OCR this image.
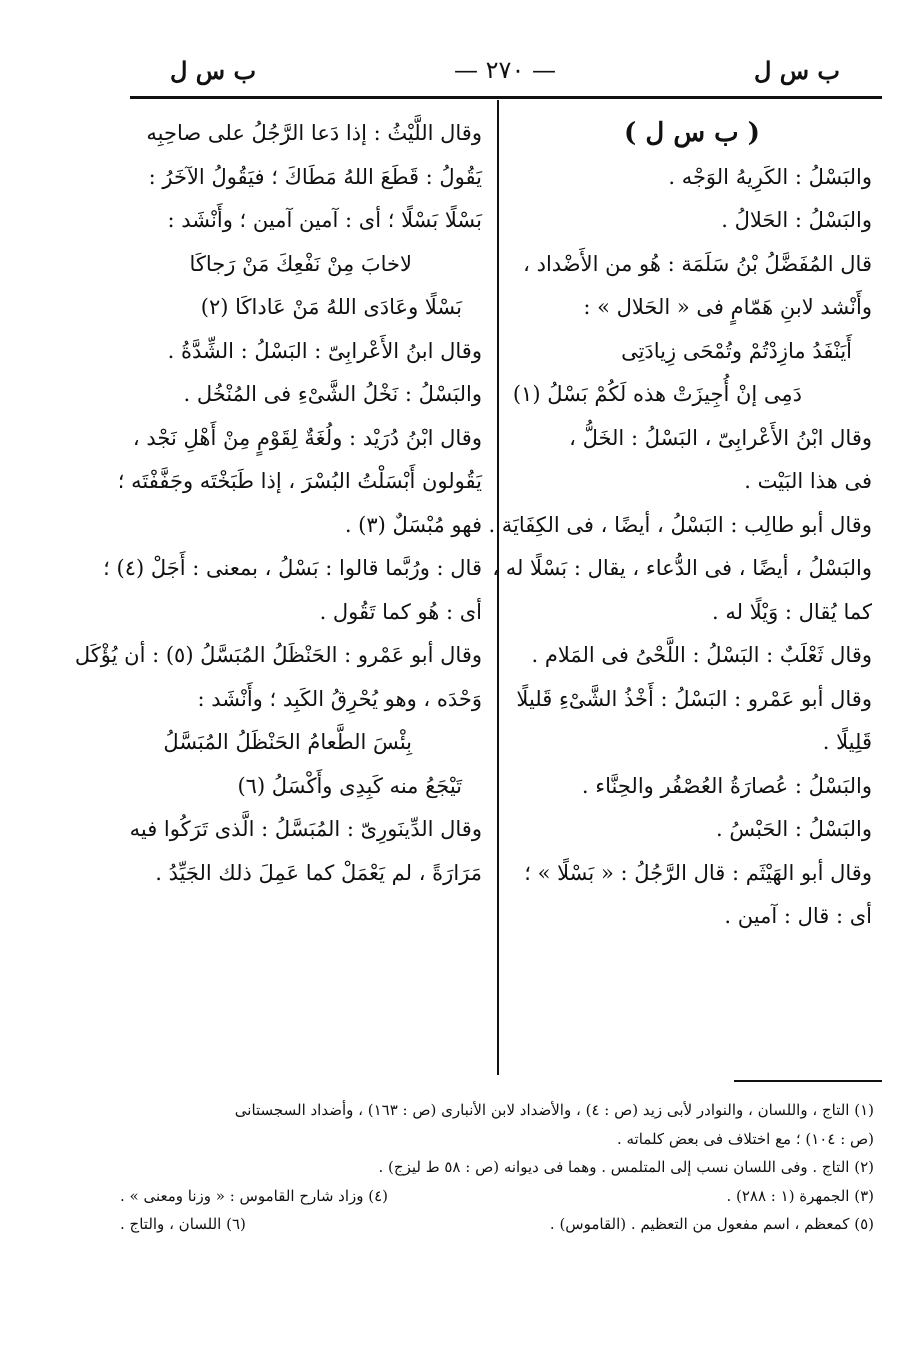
ب س ل
— ٢٧٠ —
ب س ل
( ب س ل )
والبَسْلُ : الكَرِيهُ الوَجْه .
والبَسْلُ : الحَلالُ .
قال المُفَضَّلُ بْنُ سَلَمَة : هُو من الأَضْداد ،
وأَنْشد لابنِ هَمّامٍ فى « الحَلال » :
أَيَنْفَدُ مازِدْتُمْ وتُمْحَى زِيادَتِى
دَمِى إنْ أُجِيزَتْ هذه لَكُمْ بَسْلُ (١)
وقال ابْنُ الأَعْرابِىّ ، البَسْلُ : الخَلُّ ،
فى هذا البَيْت .
وقال أبو طالِب : البَسْلُ ، أيضًا ، فى الكِفَايَة .
والبَسْلُ ، أيضًا ، فى الدُّعاء ، يقال : بَسْلًا له ،
كما يُقال : وَيْلًا له .
وقال ثَعْلَبٌ : البَسْلُ : اللَّحْىُ فى المَلام .
وقال أبو عَمْرو : البَسْلُ : أَخْذُ الشَّىْءِ قَليلًا
قَلِيلًا .
والبَسْلُ : عُصارَةُ العُصْفُر والحِنَّاء .
والبَسْلُ : الحَبْسُ .
وقال أبو الهَيْثَم : قال الرَّجُلُ : « بَسْلًا » ؛
أى : قال : آمين .
وقال اللَّيْثُ : إذا دَعا الرَّجُلُ على صاحِبِه
يَقُولُ : قَطَعَ اللهُ مَطَاكَ ؛ فيَقُولُ الآخَرُ :
بَسْلًا بَسْلًا ؛ أى : آمين آمين ؛ وأَنْشَد :
لاخابَ مِنْ نَفْعِكَ مَنْ رَجاكَا
بَسْلًا وعَادَى اللهُ مَنْ عَاداكَا (٢)
وقال ابنُ الأَعْرابِىّ : البَسْلُ : الشِّدَّةُ .
والبَسْلُ : نَخْلُ الشَّىْءِ فى المُنْخُل .
وقال ابْنُ دُرَيْد : ولُغَةٌ لِقَوْمٍ مِنْ أَهْلِ نَجْد ،
يَقُولون أَبْسَلْتُ البُسْرَ ، إذا طَبَخْتَه وجَفَّفْتَه ؛
فهو مُبْسَلٌ (٣) .
قال : ورُبَّما قالوا : بَسْلُ ، بمعنى : أَجَلْ (٤) ؛
أى : هُو كما تَقُول .
وقال أبو عَمْرو : الحَنْظَلُ المُبَسَّلُ (٥) : أن يُؤْكَل
وَحْدَه ، وهو يُحْرِقُ الكَبِد ؛ وأَنْشَد :
بِئْسَ الطَّعامُ الحَنْظَلُ المُبَسَّلُ
تَيْجَعُ منه كَبِدِى وأَكْسَلُ (٦)
وقال الدِّينَورِىّ : المُبَسَّلُ : الَّذى تَرَكُوا فيه
مَرَارَةً ، لم يَعْمَلْ كما عَمِلَ ذلك الجَيِّدُ .
(١) التاج ، واللسان ، والنوادر لأبى زيد (ص : ٤) ، والأضداد لابن الأنبارى (ص : ١٦٣) ، وأضداد السجستانى
(ص : ١٠٤) ؛ مع اختلاف فى بعض كلماته .
(٢) التاج . وفى اللسان نسب إلى المتلمس . وهما فى ديوانه (ص : ٥٨ ط ليزج) .
(٣) الجمهرة (١ : ٢٨٨) .
(٤) وزاد شارح القاموس : « وزنا ومعنى » .
(٥) كمعظم ، اسم مفعول من التعظيم . (القاموس) .
(٦) اللسان ، والتاج .
